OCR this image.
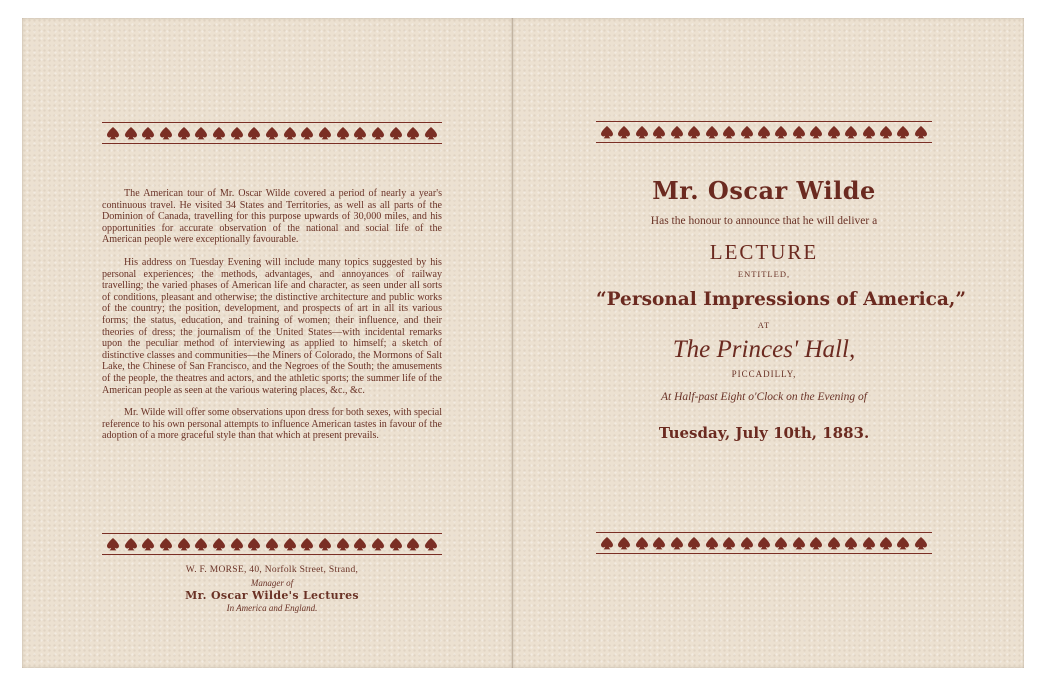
The American tour of Mr. Oscar Wilde covered a period of nearly a year's continuous travel. He visited 34 States and Territories, as well as all parts of the Dominion of Canada, travelling for this purpose upwards of 30,000 miles, and his opportunities for accurate observation of the national and social life of the American people were exceptionally favourable.

His address on Tuesday Evening will include many topics suggested by his personal experiences; the methods, advantages, and annoyances of railway travelling; the varied phases of American life and character, as seen under all sorts of conditions, pleasant and otherwise; the distinctive architecture and public works of the country; the position, development, and prospects of art in all its various forms; the status, education, and training of women; their influence, and their theories of dress; the journalism of the United States—with incidental remarks upon the peculiar method of interviewing as applied to himself; a sketch of distinctive classes and communities—the Miners of Colorado, the Mormons of Salt Lake, the Chinese of San Francisco, and the Negroes of the South; the amusements of the people, the theatres and actors, and the athletic sports; the summer life of the American people as seen at the various watering places, &c., &c.

Mr. Wilde will offer some observations upon dress for both sexes, with special reference to his own personal attempts to influence American tastes in favour of the adoption of a more graceful style than that which at present prevails.

W. F. MORSE, 40, Norfolk Street, Strand,
Manager of
Mr. Oscar Wilde's Lectures
In America and England.
Mr. Oscar Wilde
Has the honour to announce that he will deliver a
LECTURE
ENTITLED,
“Personal Impressions of America,”
AT
The Princes' Hall,
PICCADILLY,
At Half-past Eight o'Clock on the Evening of
Tuesday, July 10th, 1883.
